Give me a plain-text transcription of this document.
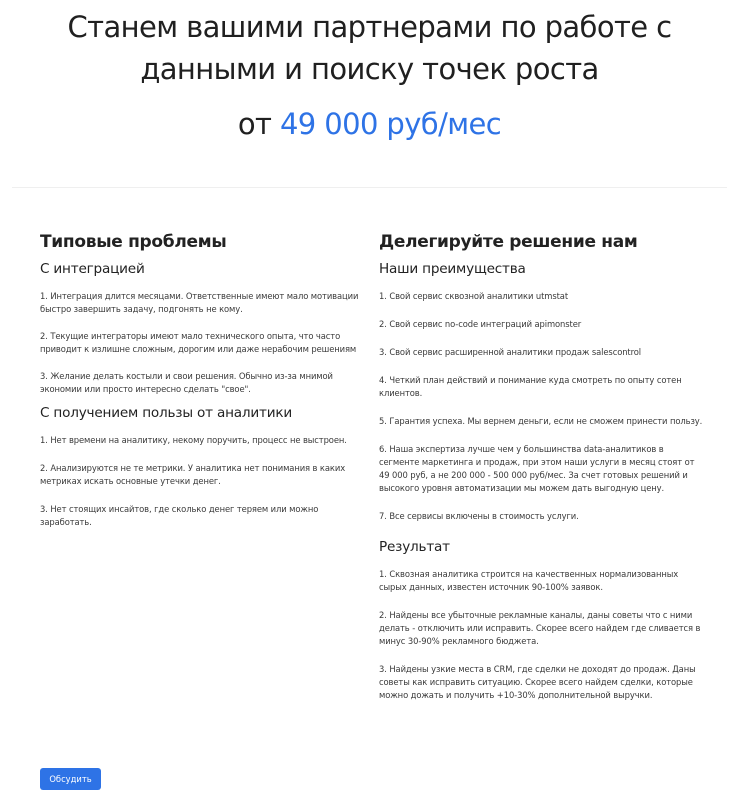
Станем вашими партнерами по работе с
данными и поиску точек роста
от 49 000 руб/мес
Типовые проблемы
С интеграцией
1. Интеграция длится месяцами. Ответственные имеют мало мотивации быстро завершить задачу, подгонять не кому.
2. Текущие интеграторы имеют мало технического опыта, что часто приводит к излишне сложным, дорогим или даже нерабочим решениям
3. Желание делать костыли и свои решения. Обычно из-за мнимой экономии или просто интересно сделать "свое".
С получением пользы от аналитики
1. Нет времени на аналитику, некому поручить, процесс не выстроен.
2. Анализируются не те метрики. У аналитика нет понимания в каких метриках искать основные утечки денег.
3. Нет стоящих инсайтов, где сколько денег теряем или можно заработать.
Делегируйте решение нам
Наши преимущества
1. Свой сервис сквозной аналитики utmstat
2. Свой сервис no-code интеграций apimonster
3. Свой сервис расширенной аналитики продаж salescontrol
4. Четкий план действий и понимание куда смотреть по опыту сотен клиентов.
5. Гарантия успеха. Мы вернем деньги, если не сможем принести пользу.
6. Наша экспертиза лучше чем у большинства data-аналитиков в сегменте маркетинга и продаж, при этом наши услуги в месяц стоят от 49 000 руб, а не 200 000 - 500 000 руб/мес. За счет готовых решений и высокого уровня автоматизации мы можем дать выгодную цену.
7. Все сервисы включены в стоимость услуги.
Результат
1. Сквозная аналитика строится на качественных нормализованных сырых данных, известен источник 90-100% заявок.
2. Найдены все убыточные рекламные каналы, даны советы что с ними делать - отключить или исправить. Скорее всего найдем где сливается в минус 30-90% рекламного бюджета.
3. Найдены узкие места в CRM, где сделки не доходят до продаж. Даны советы как исправить ситуацию. Скорее всего найдем сделки, которые можно дожать и получить +10-30% дополнительной выручки.
Обсудить
